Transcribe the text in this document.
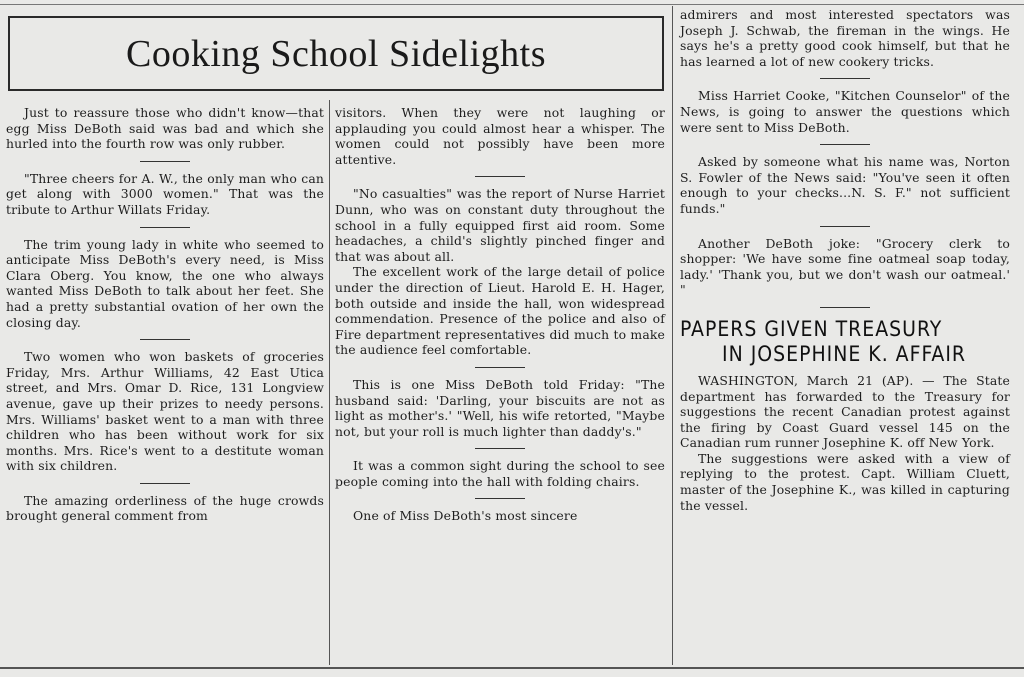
Cooking School Sidelights

Just to reassure those who didn't know—that egg Miss DeBoth said was bad and which she hurled into the fourth row was only rubber.

"Three cheers for A. W., the only man who can get along with 3000 women." That was the tribute to Arthur Willats Friday.

The trim young lady in white who seemed to anticipate Miss DeBoth's every need, is Miss Clara Oberg. You know, the one who always wanted Miss DeBoth to talk about her feet. She had a pretty substantial ovation of her own the closing day.

Two women who won baskets of groceries Friday, Mrs. Arthur Williams, 42 East Utica street, and Mrs. Omar D. Rice, 131 Longview avenue, gave up their prizes to needy persons. Mrs. Williams' basket went to a man with three children who has been without work for six months. Mrs. Rice's went to a destitute woman with six children.

The amazing orderliness of the huge crowds brought general comment from

visitors. When they were not laughing or applauding you could almost hear a whisper. The women could not possibly have been more attentive.

"No casualties" was the report of Nurse Harriet Dunn, who was on constant duty throughout the school in a fully equipped first aid room. Some headaches, a child's slightly pinched finger and that was about all.

The excellent work of the large detail of police under the direction of Lieut. Harold E. H. Hager, both outside and inside the hall, won widespread commendation. Presence of the police and also of Fire department representatives did much to make the audience feel comfortable.

This is one Miss DeBoth told Friday: "The husband said: 'Darling, your biscuits are not as light as mother's.' "Well, his wife retorted, "Maybe not, but your roll is much lighter than daddy's."

It was a common sight during the school to see people coming into the hall with folding chairs.

One of Miss DeBoth's most sincere

admirers and most interested spectators was Joseph J. Schwab, the fireman in the wings. He says he's a pretty good cook himself, but that he has learned a lot of new cookery tricks.

Miss Harriet Cooke, "Kitchen Counselor" of the News, is going to answer the questions which were sent to Miss DeBoth.

Asked by someone what his name was, Norton S. Fowler of the News said: "You've seen it often enough to your checks...N. S. F." not sufficient funds."

Another DeBoth joke: "Grocery clerk to shopper: 'We have some fine oatmeal soap today, lady.' 'Thank you, but we don't wash our oatmeal.' "

PAPERS GIVEN TREASURY
IN JOSEPHINE K. AFFAIR

WASHINGTON, March 21 (AP). — The State department has forwarded to the Treasury for suggestions the recent Canadian protest against the firing by Coast Guard vessel 145 on the Canadian rum runner Josephine K. off New York.

The suggestions were asked with a view of replying to the protest. Capt. William Cluett, master of the Josephine K., was killed in capturing the vessel.
